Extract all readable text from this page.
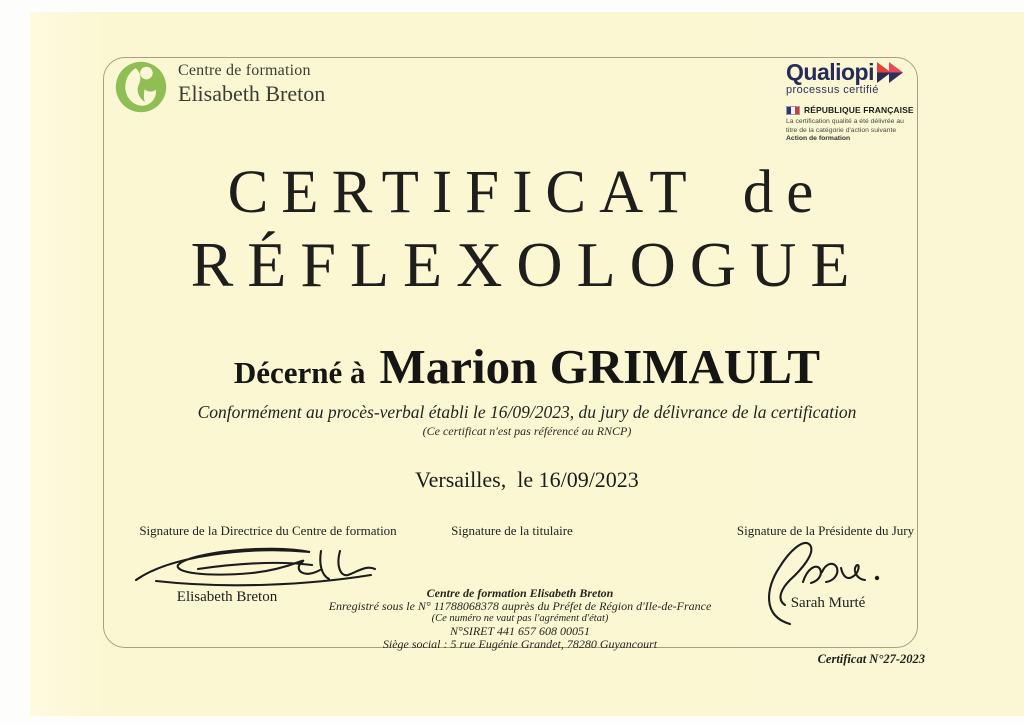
Centre de formation
Elisabeth Breton
Qualiopi
processus certifié
RÉPUBLIQUE FRANÇAISE
La certification qualité a été délivrée au
titre de la catégorie d'action suivante
Action de formation
CERTIFICAT de
RÉFLEXOLOGUE
Décerné à Marion GRIMAULT
Conformément au procès-verbal établi le 16/09/2023, du jury de délivrance de la certification
(Ce certificat n'est pas référencé au RNCP)
Versailles,  le 16/09/2023
Signature de la Directrice du Centre de formation	Signature de la titulaire	Signature de la Présidente du Jury
Elisabeth Breton	Sarah Murté
Centre de formation Elisabeth Breton
Enregistré sous le N° 11788068378 auprès du Préfet de Région d'Ile-de-France
(Ce numéro ne vaut pas l'agrément d'état)
N°SIRET 441 657 608 00051
Siège social : 5 rue Eugénie Grandet, 78280 Guyancourt
Certificat N°27-2023
